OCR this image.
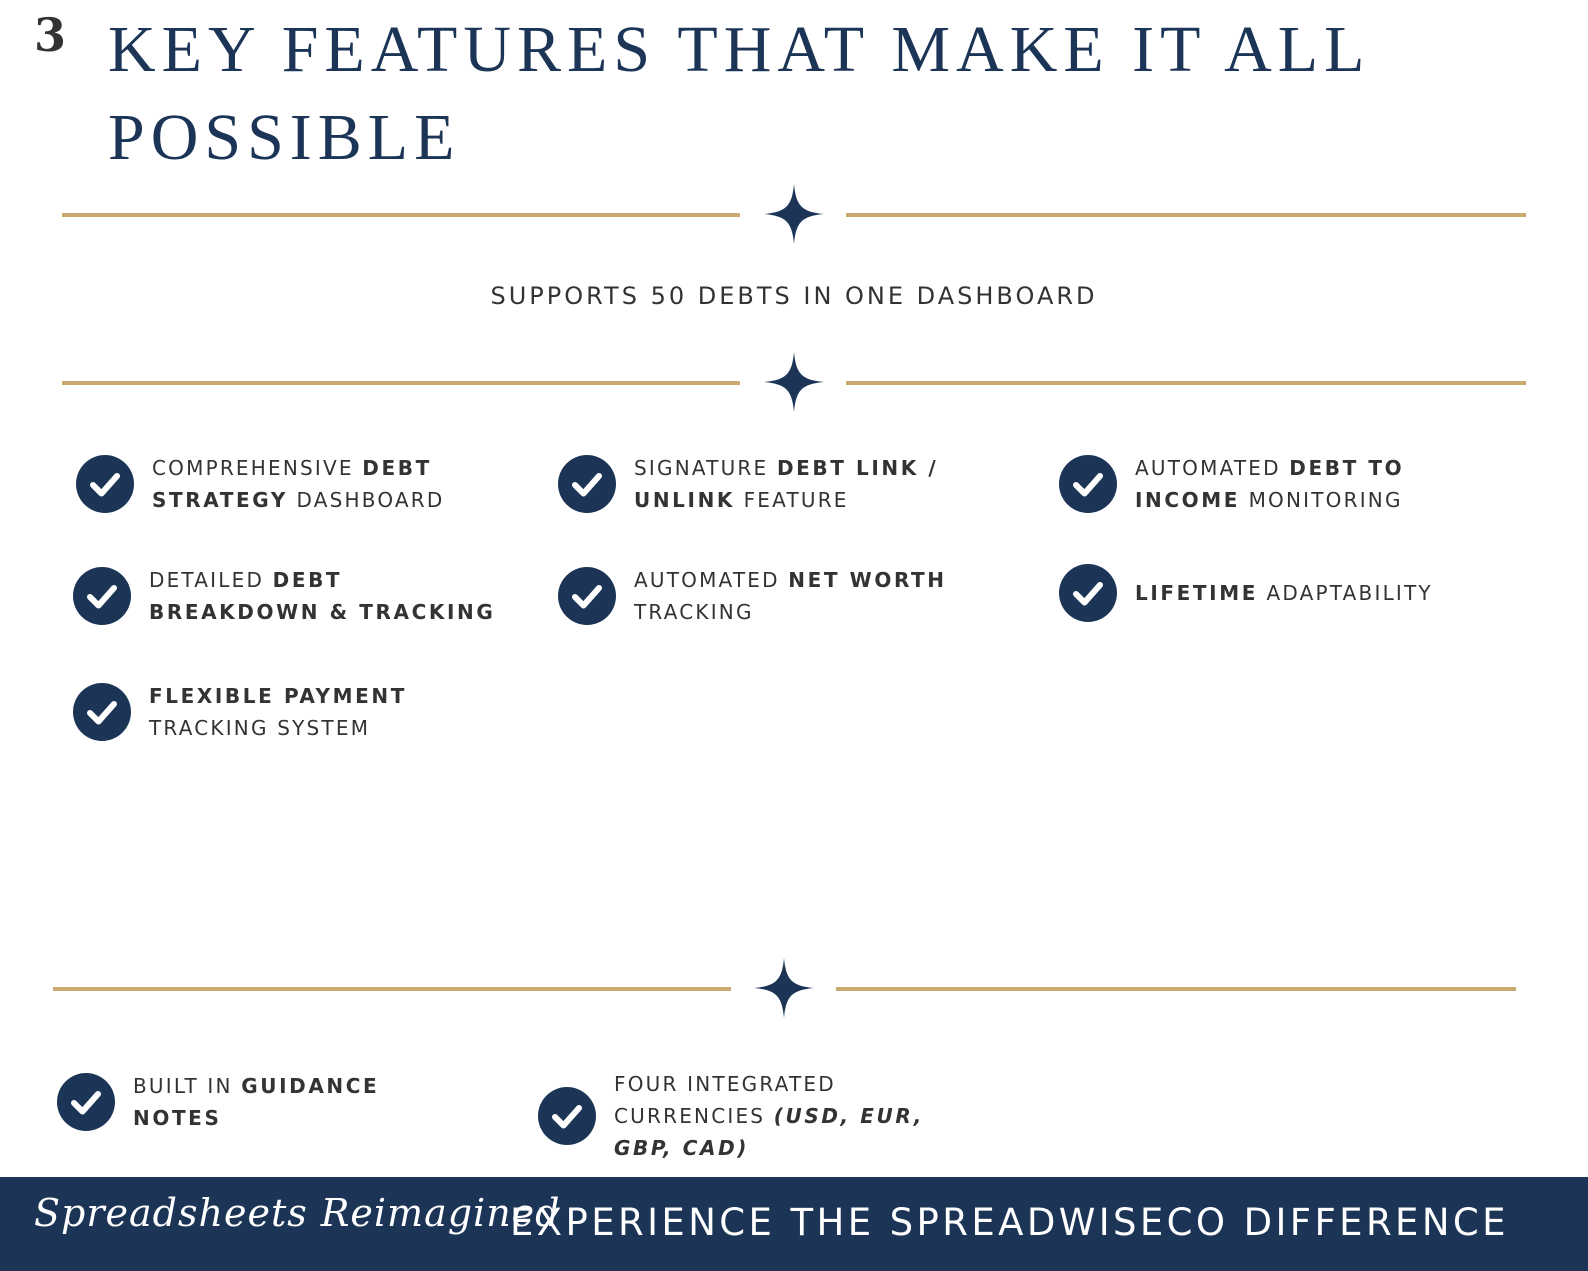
3 KEY FEATURES THAT MAKE IT ALL POSSIBLE
SUPPORTS 50 DEBTS IN ONE DASHBOARD
COMPREHENSIVE DEBT
STRATEGY DASHBOARD
SIGNATURE DEBT LINK /
UNLINK FEATURE
AUTOMATED DEBT TO
INCOME MONITORING
DETAILED DEBT
BREAKDOWN & TRACKING
AUTOMATED NET WORTH
TRACKING
LIFETIME ADAPTABILITY
FLEXIBLE PAYMENT
TRACKING SYSTEM
BUILT IN GUIDANCE
NOTES
FOUR INTEGRATED
CURRENCIES (USD, EUR,
GBP, CAD)
Spreadsheets Reimagined
EXPERIENCE THE SPREADWISECO DIFFERENCE
